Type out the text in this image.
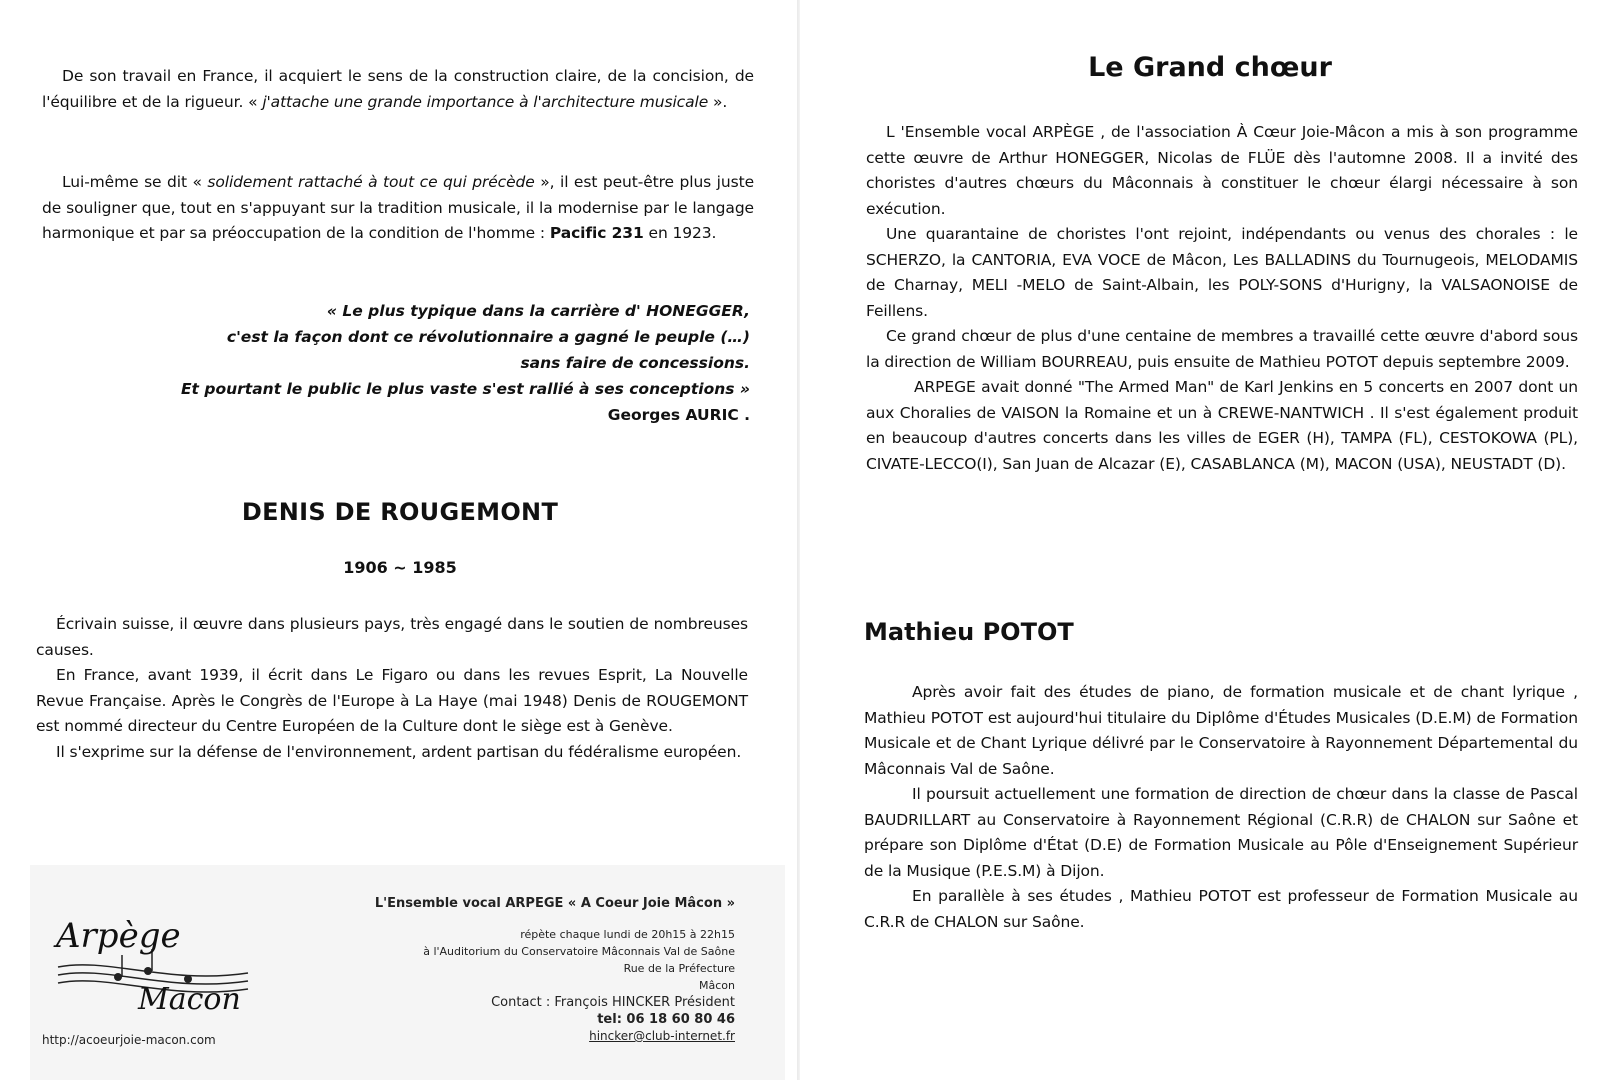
De son travail en France, il acquiert le sens de la construction claire, de la concision, de l'équilibre et de la rigueur. « j'attache une grande importance à l'architecture musicale ».
Lui-même se dit « solidement rattaché à tout ce qui précède », il est peut-être plus juste de souligner que, tout en s'appuyant sur la tradition musicale, il la modernise par le langage harmonique et par sa préoccupation de la condition de l'homme : Pacific 231 en 1923.
« Le plus typique dans la carrière d' HONEGGER,
c'est la façon dont ce révolutionnaire a gagné le peuple (…)
sans faire de concessions.
Et pourtant le public le plus vaste s'est rallié à ses conceptions »
Georges AURIC .
DENIS DE ROUGEMONT
1906 ~ 1985

Écrivain suisse, il œuvre dans plusieurs pays, très engagé dans le soutien de nombreuses causes.

En France, avant 1939, il écrit dans Le Figaro ou dans les revues Esprit, La Nouvelle Revue Française. Après le Congrès de l'Europe à La Haye (mai 1948) Denis de ROUGEMONT est nommé directeur du Centre Européen de la Culture dont le siège est à Genève.

Il s'exprime sur la défense de l'environnement, ardent partisan du fédéralisme européen.

Arpège
Macon
http://acoeurjoie-macon.com
L'Ensemble vocal ARPEGE « A Coeur Joie Mâcon »
répète chaque lundi de 20h15 à 22h15
à l'Auditorium du Conservatoire Mâconnais Val de Saône
Rue de la Préfecture
Mâcon
Contact : François HINCKER Président
tel: 06 18 60 80 46
hincker@club-internet.fr
Le Grand chœur

L 'Ensemble vocal ARPÈGE , de l'association À Cœur Joie-Mâcon a mis à son programme cette œuvre de Arthur HONEGGER, Nicolas de FLÜE dès l'automne 2008. Il a invité des choristes d'autres chœurs du Mâconnais à constituer le chœur élargi nécessaire à son exécution.

Une quarantaine de choristes l'ont rejoint, indépendants ou venus des chorales : le SCHERZO, la CANTORIA, EVA VOCE de Mâcon, Les BALLADINS du Tournugeois, MELODAMIS de Charnay, MELI -MELO de Saint-Albain, les POLY-SONS d'Hurigny, la VALSAONOISE de Feillens.

Ce grand chœur de plus d'une centaine de membres a travaillé cette œuvre d'abord sous la direction de William BOURREAU, puis ensuite de Mathieu POTOT depuis septembre 2009.

ARPEGE avait donné "The Armed Man" de Karl Jenkins en 5 concerts en 2007 dont un aux Choralies de VAISON la Romaine et un à CREWE-NANTWICH . Il s'est également produit en beaucoup d'autres concerts dans les villes de EGER (H), TAMPA (FL), CESTOKOWA (PL), CIVATE-LECCO(I), San Juan de Alcazar (E), CASABLANCA (M), MACON (USA), NEUSTADT (D).

Mathieu POTOT

Après avoir fait des études de piano, de formation musicale et de chant lyrique , Mathieu POTOT est aujourd'hui titulaire du Diplôme d'Études Musicales (D.E.M) de Formation Musicale et de Chant Lyrique délivré par le Conservatoire à Rayonnement Départemental du Mâconnais Val de Saône.

Il poursuit actuellement une formation de direction de chœur dans la classe de Pascal BAUDRILLART au Conservatoire à Rayonnement Régional (C.R.R) de CHALON sur Saône et prépare son Diplôme d'État (D.E) de Formation Musicale au Pôle d'Enseignement Supérieur de la Musique (P.E.S.M) à Dijon.

En parallèle à ses études , Mathieu POTOT est professeur de Formation Musicale au C.R.R de CHALON sur Saône.
